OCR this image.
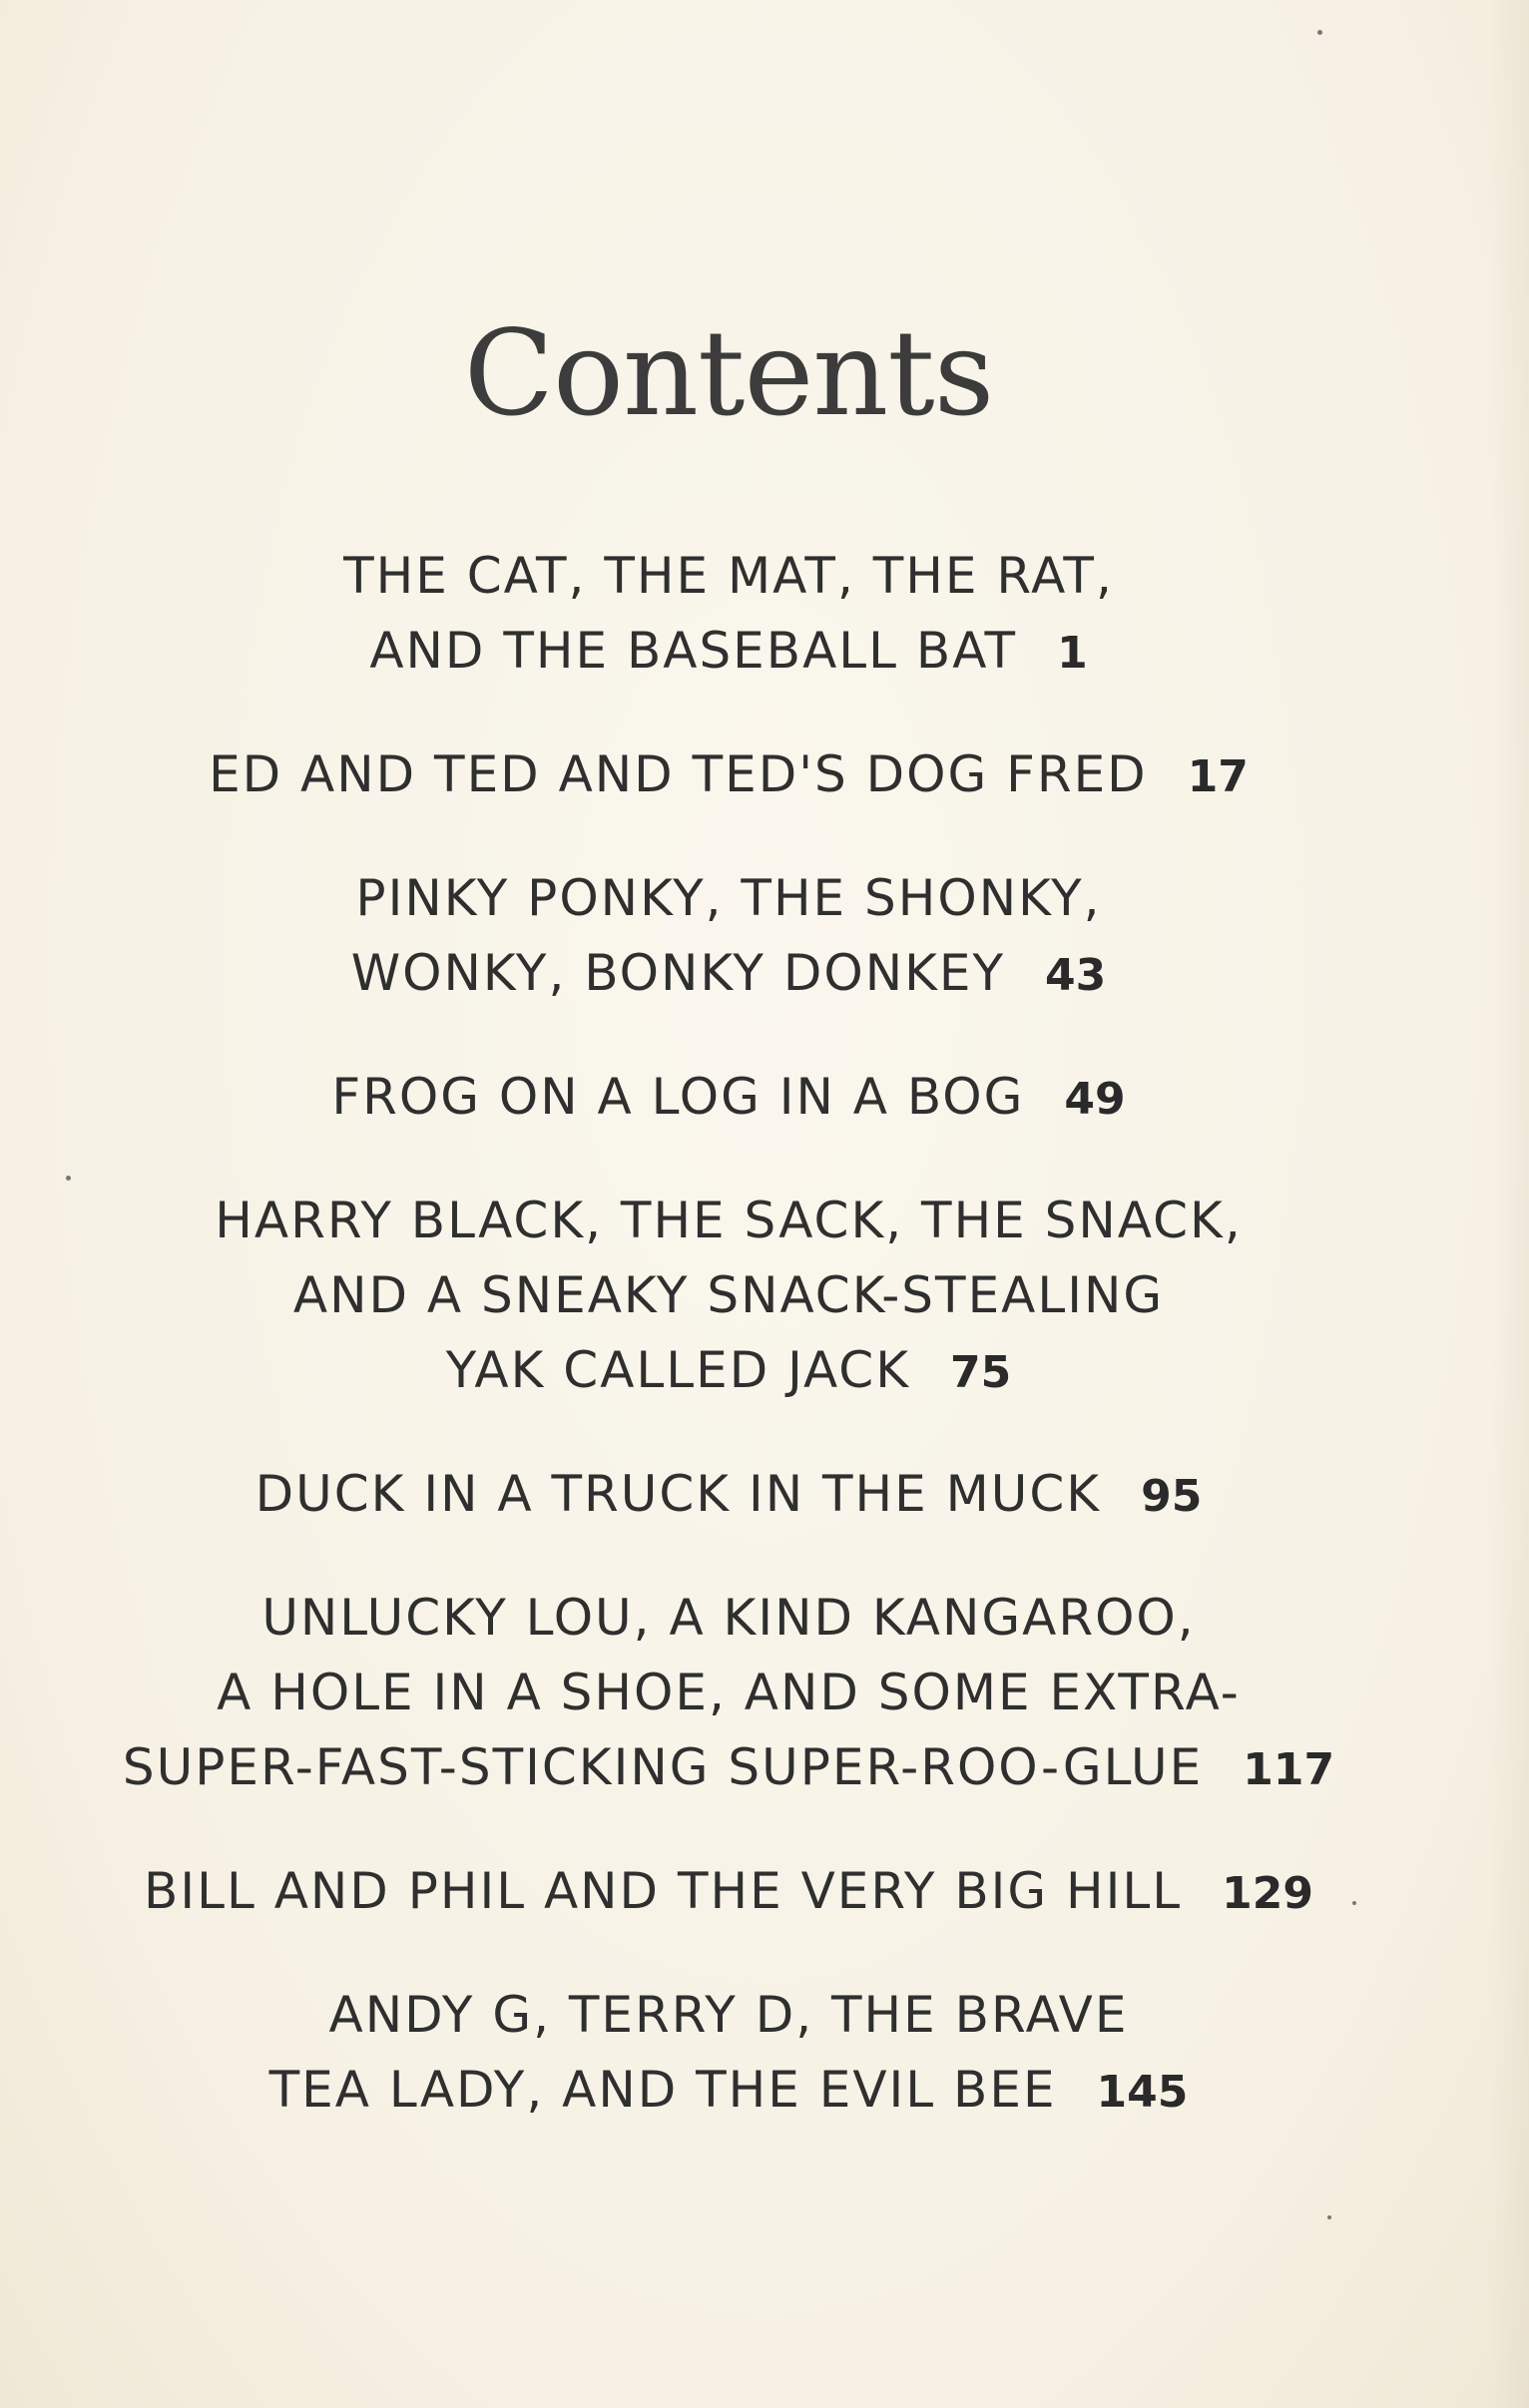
Contents
THE CAT, THE MAT, THE RAT,
AND THE BASEBALL BAT 1
ED AND TED AND TED'S DOG FRED 17
PINKY PONKY, THE SHONKY,
WONKY, BONKY DONKEY 43
FROG ON A LOG IN A BOG 49
HARRY BLACK, THE SACK, THE SNACK,
AND A SNEAKY SNACK-STEALING
YAK CALLED JACK 75
DUCK IN A TRUCK IN THE MUCK 95
UNLUCKY LOU, A KIND KANGAROO,
A HOLE IN A SHOE, AND SOME EXTRA-
SUPER-FAST-STICKING SUPER-ROO-GLUE 117
BILL AND PHIL AND THE VERY BIG HILL 129
ANDY G, TERRY D, THE BRAVE
TEA LADY, AND THE EVIL BEE 145
